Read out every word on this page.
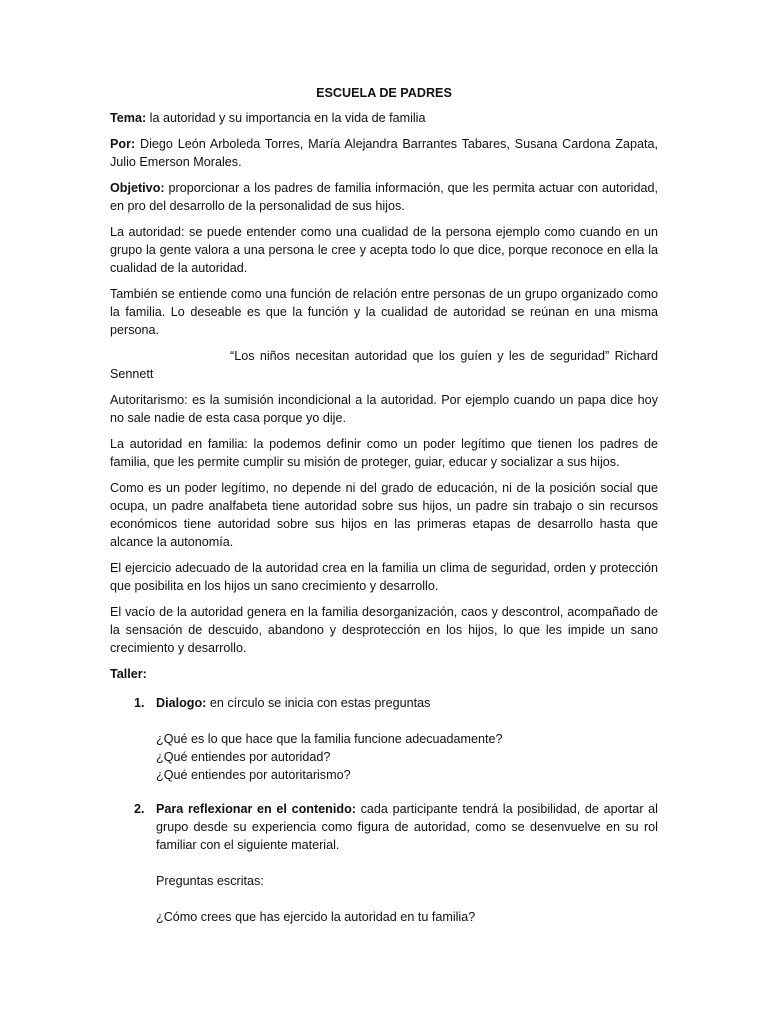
ESCUELA DE PADRES

Tema: la autoridad y su importancia en la vida de familia

Por: Diego León Arboleda Torres, María Alejandra Barrantes Tabares, Susana Cardona Zapata, Julio Emerson Morales.

Objetivo: proporcionar a los padres de familia información, que les permita actuar con autoridad, en pro del desarrollo de la personalidad de sus hijos.

La autoridad: se puede entender como una cualidad de la persona ejemplo como cuando en un grupo la gente valora a una persona le cree y acepta todo lo que dice, porque reconoce en ella la cualidad de la autoridad.

También se entiende como una función de relación entre personas de un grupo organizado como la familia. Lo deseable es que la función y la cualidad de autoridad se reúnan en una misma persona.

“Los niños necesitan autoridad que los guíen y les de seguridad” Richard Sennett

Autoritarismo: es la sumisión incondicional a la autoridad. Por ejemplo cuando un papa dice hoy no sale nadie de esta casa porque yo dije.

La autoridad en familia: la podemos definir como un poder legítimo que tienen los padres de familia, que les permite cumplir su misión de proteger, guiar, educar y socializar a sus hijos.

Como es un poder legítimo, no depende ni del grado de educación, ni de la posición social que ocupa, un padre analfabeta tiene autoridad sobre sus hijos, un padre sin trabajo o sin recursos económicos tiene autoridad sobre sus hijos en las primeras etapas de desarrollo hasta que alcance la autonomía.

El ejercicio adecuado de la autoridad crea en la familia un clima de seguridad, orden y protección que posibilita en los hijos un sano crecimiento y desarrollo.

El vacío de la autoridad genera en la familia desorganización, caos y descontrol, acompañado de la sensación de descuido, abandono y desprotección en los hijos, lo que les impide un sano crecimiento y desarrollo.

Taller:
1. Dialogo: en círculo se inicia con estas preguntas

¿Qué es lo que hace que la familia funcione adecuadamente?

¿Qué entiendes por autoridad?

¿Qué entiendes por autoritarismo?

2. Para reflexionar en el contenido: cada participante tendrá la posibilidad, de aportar al grupo desde su experiencia como figura de autoridad, como se desenvuelve en su rol familiar con el siguiente material.

Preguntas escritas:

¿Cómo crees que has ejercido la autoridad en tu familia?
